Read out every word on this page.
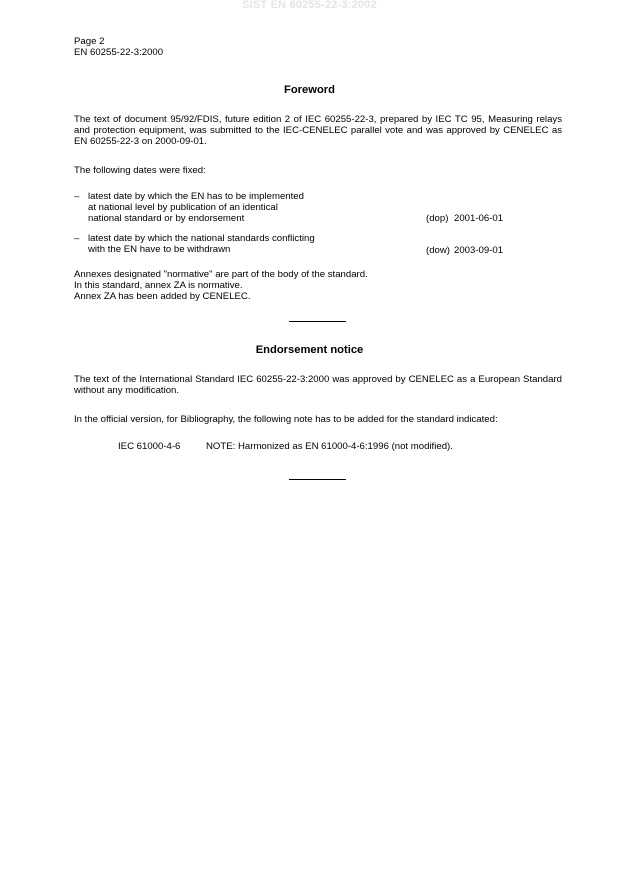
SIST EN 60255-22-3:2002
Page 2
EN 60255-22-3:2000
Foreword
The text of document 95/92/FDIS, future edition 2 of IEC 60255-22-3, prepared by IEC TC 95, Measuring relays and protection equipment, was submitted to the IEC-CENELEC parallel vote and was approved by CENELEC as EN 60255-22-3 on 2000-09-01.
The following dates were fixed:
– latest date by which the EN has to be implemented
at national level by publication of an identical
national standard or by endorsement	(dop) 2001-06-01
– latest date by which the national standards conflicting
with the EN have to be withdrawn	(dow) 2003-09-01
Annexes designated "normative" are part of the body of the standard.
In this standard, annex ZA is normative.
Annex ZA has been added by CENELEC.
Endorsement notice
The text of the International Standard IEC 60255-22-3:2000 was approved by CENELEC as a European Standard without any modification.
In the official version, for Bibliography, the following note has to be added for the standard indicated:
IEC 61000-4-6	NOTE: Harmonized as EN 61000-4-6:1996 (not modified).
